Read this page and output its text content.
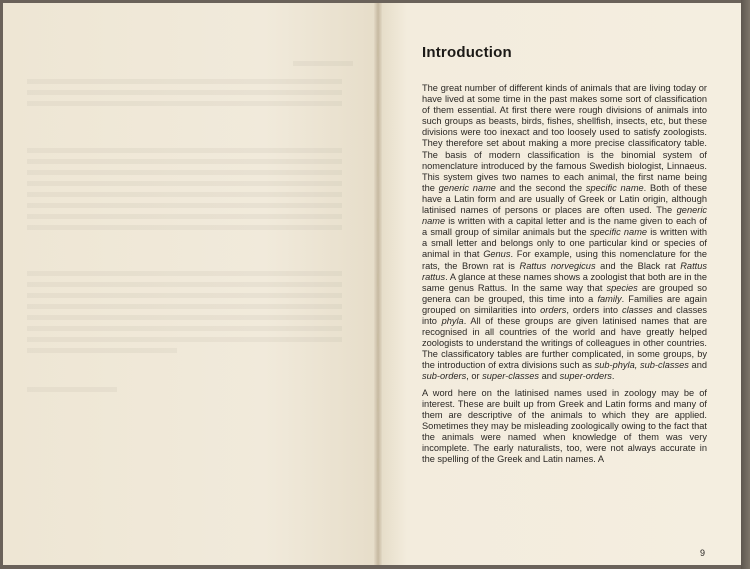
Introduction

The great number of different kinds of animals that are living today or have lived at some time in the past makes some sort of classification of them essential. At first there were rough divisions of animals into such groups as beasts, birds, fishes, shellfish, insects, etc, but these divisions were too inexact and too loosely used to satisfy zoologists. They therefore set about making a more precise classificatory table. The basis of modern classification is the binomial system of nomenclature introduced by the famous Swedish biologist, Linnaeus. This system gives two names to each animal, the first name being the generic name and the second the specific name. Both of these have a Latin form and are usually of Greek or Latin origin, although latinised names of persons or places are often used. The generic name is written with a capital letter and is the name given to each of a small group of similar animals but the specific name is written with a small letter and belongs only to one particular kind or species of animal in that Genus. For example, using this nomenclature for the rats, the Brown rat is Rattus norvegicus and the Black rat Rattus rattus. A glance at these names shows a zoologist that both are in the same genus Rattus. In the same way that species are grouped so genera can be grouped, this time into a family. Families are again grouped on similarities into orders, orders into classes and classes into phyla. All of these groups are given latinised names that are recognised in all countries of the world and have greatly helped zoologists to understand the writings of colleagues in other countries. The classificatory tables are further complicated, in some groups, by the introduction of extra divisions such as sub-phyla, sub-classes and sub-orders, or super-classes and super-orders.

A word here on the latinised names used in zoology may be of interest. These are built up from Greek and Latin forms and many of them are descriptive of the animals to which they are applied. Sometimes they may be misleading zoologically owing to the fact that the animals were named when knowledge of them was very incomplete. The early naturalists, too, were not always accurate in the spelling of the Greek and Latin names. A

9
